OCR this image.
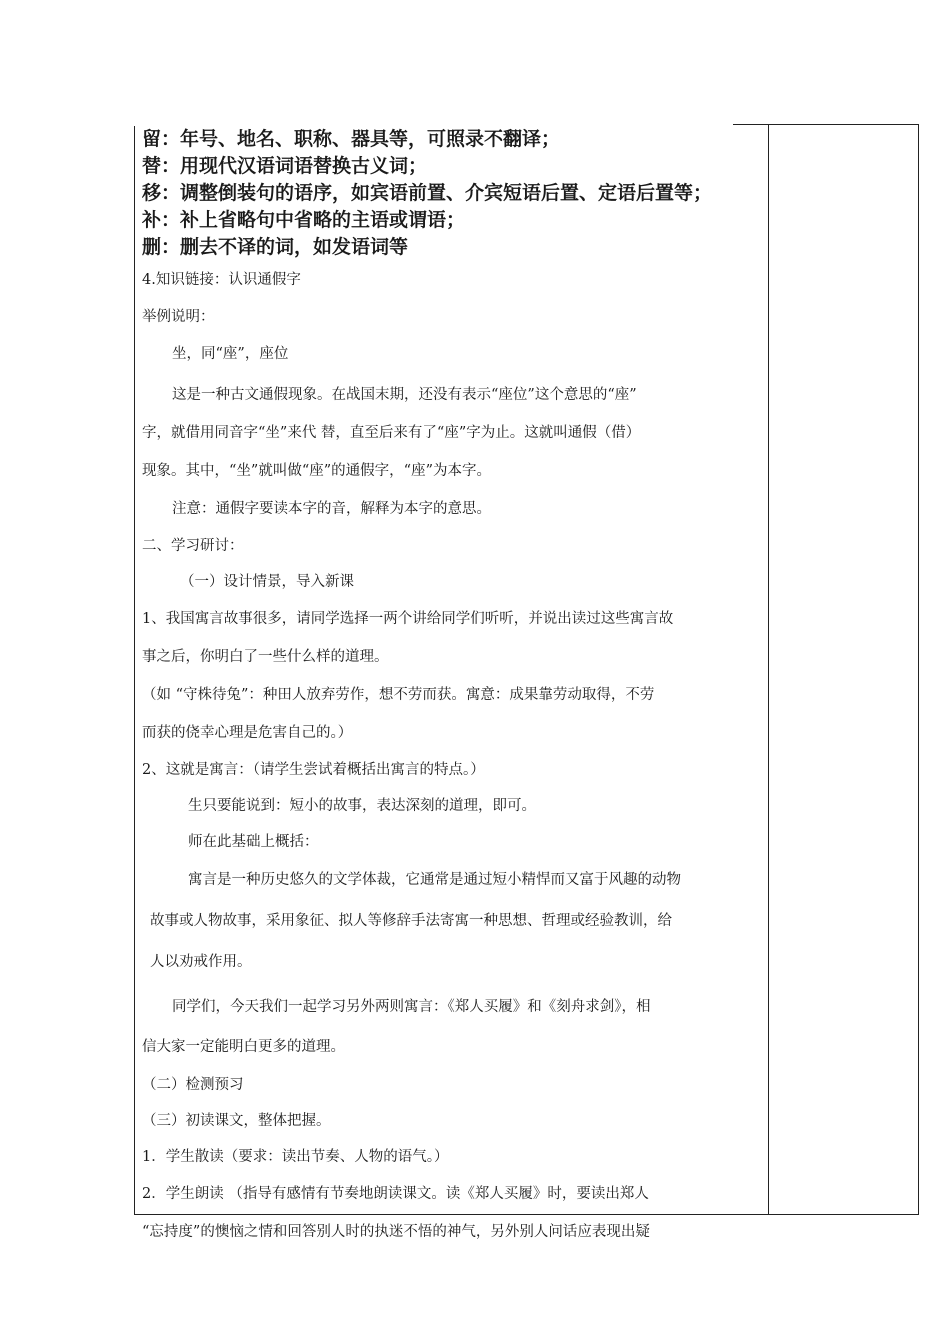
留：年号、地名、职称、器具等，可照录不翻译；

替：用现代汉语词语替换古义词；

移：调整倒装句的语序，如宾语前置、介宾短语后置、定语后置等；

补：补上省略句中省略的主语或谓语；

删：删去不译的词，如发语词等

4.知识链接：认识通假字

举例说明：

坐，同“座”，座位

这是一种古文通假现象。在战国末期，还没有表示“座位”这个意思的“座”

字，就借用同音字“坐”来代 替，直至后来有了“座”字为止。这就叫通假（借）

现象。其中，“坐”就叫做“座”的通假字，“座”为本字。

注意：通假字要读本字的音，解释为本字的意思。

二、学习研讨：

（一）设计情景，导入新课

1、我国寓言故事很多，请同学选择一两个讲给同学们听听，并说出读过这些寓言故

事之后，你明白了一些什么样的道理。

（如 “守株待兔”：种田人放弃劳作，想不劳而获。寓意：成果靠劳动取得，不劳

而获的侥幸心理是危害自己的。）

2、这就是寓言：（请学生尝试着概括出寓言的特点。）

生只要能说到：短小的故事，表达深刻的道理，即可。

师在此基础上概括：

寓言是一种历史悠久的文学体裁，它通常是通过短小精悍而又富于风趣的动物

故事或人物故事，采用象征、拟人等修辞手法寄寓一种思想、哲理或经验教训，给

人以劝戒作用。

同学们，今天我们一起学习另外两则寓言：《郑人买履》和《刻舟求剑》，相

信大家一定能明白更多的道理。

（二）检测预习

（三）初读课文，整体把握。

1．学生散读（要求：读出节奏、人物的语气。）

2．学生朗读 （指导有感情有节奏地朗读课文。读《郑人买履》时，要读出郑人

“忘持度”的懊恼之情和回答别人时的执迷不悟的神气，另外别人问话应表现出疑
